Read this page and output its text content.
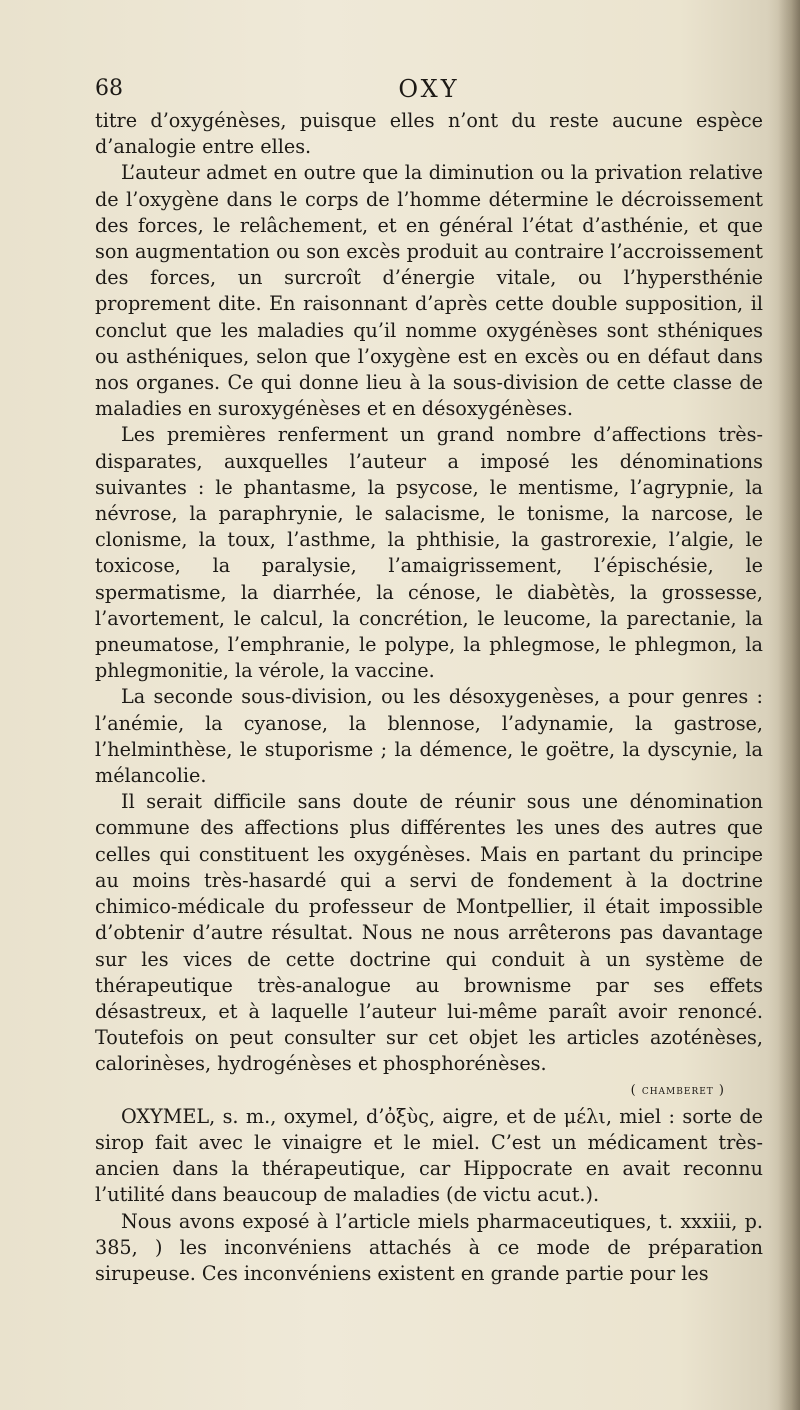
68	OXY

titre d’oxygénèses, puisque elles n’ont du reste aucune espèce d’analogie entre elles.

L’auteur admet en outre que la diminution ou la privation relative de l’oxygène dans le corps de l’homme détermine le décroissement des forces, le relâchement, et en général l’état d’asthénie, et que son augmentation ou son excès produit au contraire l’accroissement des forces, un surcroît d’énergie vitale, ou l’hypersthénie proprement dite. En raisonnant d’après cette double supposition, il conclut que les maladies qu’il nomme oxygénèses sont sthéniques ou asthéniques, selon que l’oxygène est en excès ou en défaut dans nos organes. Ce qui donne lieu à la sous-division de cette classe de maladies en suroxygénèses et en désoxygénèses.

Les premières renferment un grand nombre d’affections très-disparates, auxquelles l’auteur a imposé les dénominations suivantes : le phantasme, la psycose, le mentisme, l’agrypnie, la névrose, la paraphrynie, le salacisme, le tonisme, la narcose, le clonisme, la toux, l’asthme, la phthisie, la gastrorexie, l’algie, le toxicose, la paralysie, l’amaigrissement, l’épischésie, le spermatisme, la diarrhée, la cénose, le diabètès, la grossesse, l’avortement, le calcul, la concrétion, le leucome, la parectanie, la pneumatose, l’emphranie, le polype, la phlegmose, le phlegmon, la phlegmonitie, la vérole, la vaccine.

La seconde sous-division, ou les désoxygenèses, a pour genres : l’anémie, la cyanose, la blennose, l’adynamie, la gastrose, l’helminthèse, le stuporisme ; la démence, le goëtre, la dyscynie, la mélancolie.

Il serait difficile sans doute de réunir sous une dénomination commune des affections plus différentes les unes des autres que celles qui constituent les oxygénèses. Mais en partant du principe au moins très-hasardé qui a servi de fondement à la doctrine chimico-médicale du professeur de Montpellier, il était impossible d’obtenir d’autre résultat. Nous ne nous arrêterons pas davantage sur les vices de cette doctrine qui conduit à un système de thérapeutique très-analogue au brownisme par ses effets désastreux, et à laquelle l’auteur lui-même paraît avoir renoncé. Toutefois on peut consulter sur cet objet les articles azoténèses, calorinèses, hydrogénèses et phosphorénèses.

( chamberet )

OXYMEL, s. m., oxymel, d’ὀξὺς, aigre, et de μέλι, miel : sorte de sirop fait avec le vinaigre et le miel. C’est un médicament très-ancien dans la thérapeutique, car Hippocrate en avait reconnu l’utilité dans beaucoup de maladies (de victu acut.).

Nous avons exposé à l’article miels pharmaceutiques, t. xxxiii, p. 385, ) les inconvéniens attachés à ce mode de préparation sirupeuse. Ces inconvéniens existent en grande partie pour les
